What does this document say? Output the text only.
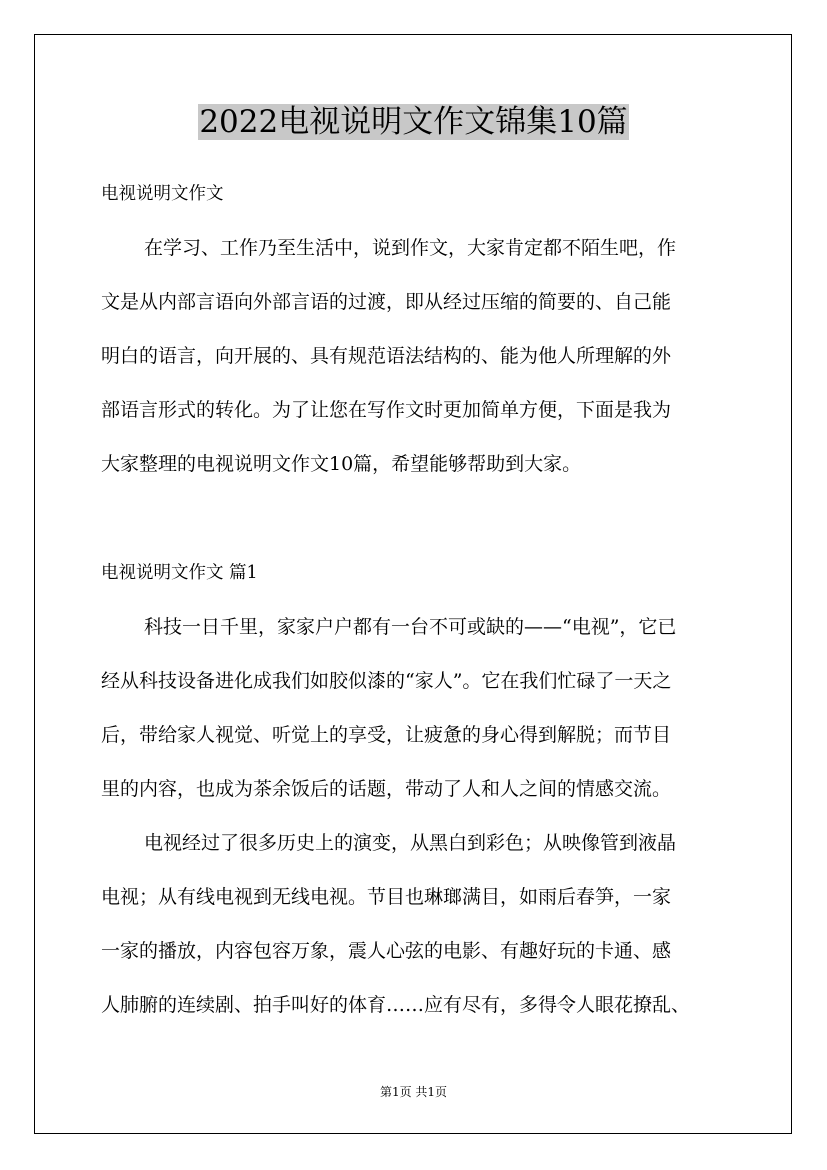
2022电视说明文作文锦集10篇
电视说明文作文
在学习、工作乃至生活中，说到作文，大家肯定都不陌生吧，作
文是从内部言语向外部言语的过渡，即从经过压缩的简要的、自己能
明白的语言，向开展的、具有规范语法结构的、能为他人所理解的外
部语言形式的转化。为了让您在写作文时更加简单方便，下面是我为
大家整理的电视说明文作文10篇，希望能够帮助到大家。
电视说明文作文 篇1
科技一日千里，家家户户都有一台不可或缺的——“电视”，它已
经从科技设备进化成我们如胶似漆的“家人”。它在我们忙碌了一天之
后，带给家人视觉、听觉上的享受，让疲惫的身心得到解脱；而节目
里的内容，也成为茶余饭后的话题，带动了人和人之间的情感交流。
电视经过了很多历史上的演变，从黑白到彩色；从映像管到液晶
电视；从有线电视到无线电视。节目也琳瑯满目，如雨后春笋，一家
一家的播放，内容包容万象，震人心弦的电影、有趣好玩的卡通、感
人肺腑的连续剧、拍手叫好的体育……应有尽有，多得令人眼花撩乱、
第1页 共1页
